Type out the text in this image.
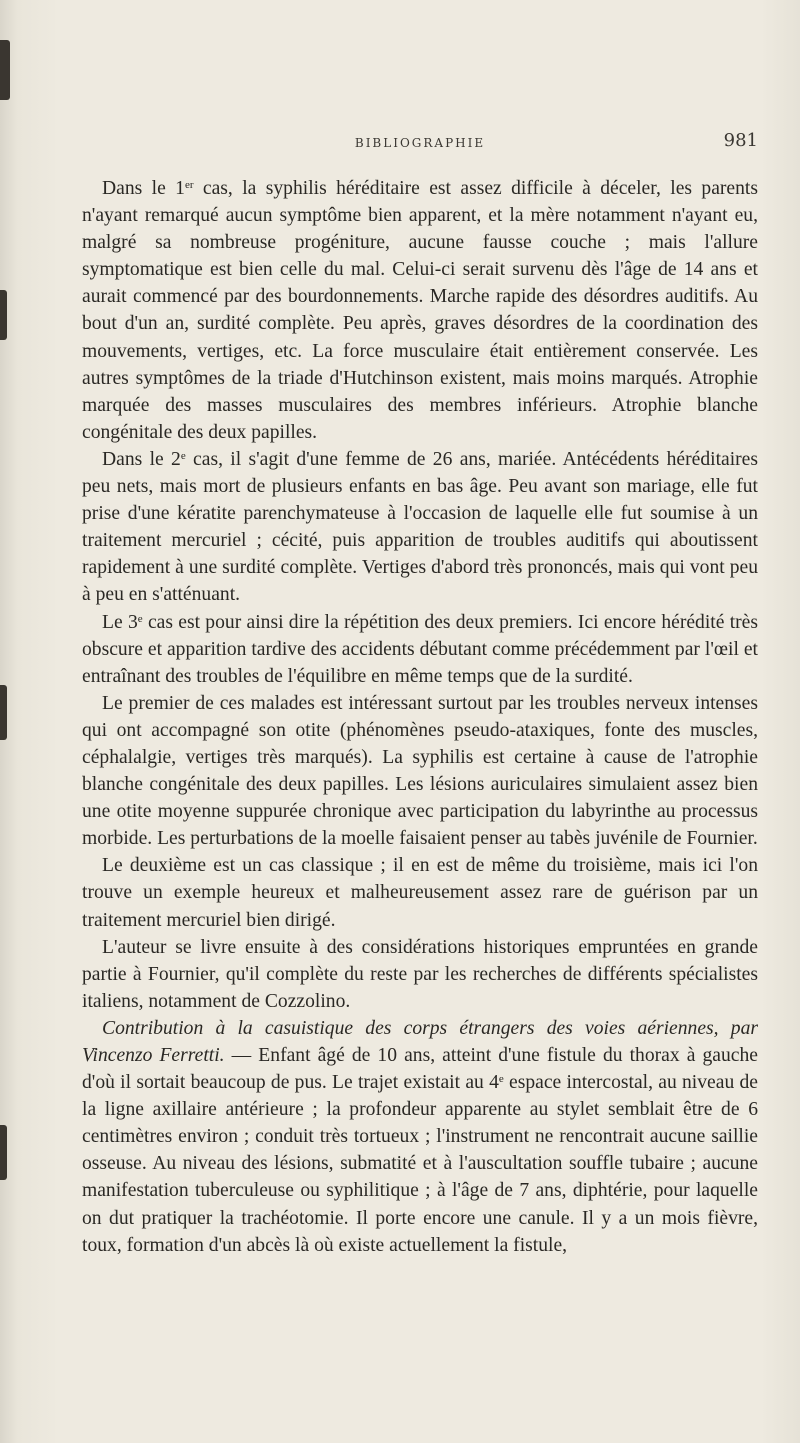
BIBLIOGRAPHIE	981

Dans le 1er cas, la syphilis héréditaire est assez difficile à déceler, les parents n'ayant remarqué aucun symptôme bien apparent, et la mère notamment n'ayant eu, malgré sa nombreuse progéniture, aucune fausse couche ; mais l'allure symptomatique est bien celle du mal. Celui-ci serait survenu dès l'âge de 14 ans et aurait commencé par des bourdonnements. Marche rapide des désordres auditifs. Au bout d'un an, surdité complète. Peu après, graves désordres de la coordination des mouvements, vertiges, etc. La force musculaire était entièrement conservée. Les autres symptômes de la triade d'Hutchinson existent, mais moins marqués. Atrophie marquée des masses musculaires des membres inférieurs. Atrophie blanche congénitale des deux papilles.

Dans le 2e cas, il s'agit d'une femme de 26 ans, mariée. Antécédents héréditaires peu nets, mais mort de plusieurs enfants en bas âge. Peu avant son mariage, elle fut prise d'une kératite parenchymateuse à l'occasion de laquelle elle fut soumise à un traitement mercuriel ; cécité, puis apparition de troubles auditifs qui aboutissent rapidement à une surdité complète. Vertiges d'abord très prononcés, mais qui vont peu à peu en s'atténuant.

Le 3e cas est pour ainsi dire la répétition des deux premiers. Ici encore hérédité très obscure et apparition tardive des accidents débutant comme précédemment par l'œil et entraînant des troubles de l'équilibre en même temps que de la surdité.

Le premier de ces malades est intéressant surtout par les troubles nerveux intenses qui ont accompagné son otite (phénomènes pseudo-ataxiques, fonte des muscles, céphalalgie, vertiges très marqués). La syphilis est certaine à cause de l'atrophie blanche congénitale des deux papilles. Les lésions auriculaires simulaient assez bien une otite moyenne suppurée chronique avec participation du labyrinthe au processus morbide. Les perturbations de la moelle faisaient penser au tabès juvénile de Fournier.

Le deuxième est un cas classique ; il en est de même du troisième, mais ici l'on trouve un exemple heureux et malheureusement assez rare de guérison par un traitement mercuriel bien dirigé.

L'auteur se livre ensuite à des considérations historiques empruntées en grande partie à Fournier, qu'il complète du reste par les recherches de différents spécialistes italiens, notamment de Cozzolino.

Contribution à la casuistique des corps étrangers des voies aériennes, par Vincenzo Ferretti. — Enfant âgé de 10 ans, atteint d'une fistule du thorax à gauche d'où il sortait beaucoup de pus. Le trajet existait au 4e espace intercostal, au niveau de la ligne axillaire antérieure ; la profondeur apparente au stylet semblait être de 6 centimètres environ ; conduit très tortueux ; l'instrument ne rencontrait aucune saillie osseuse. Au niveau des lésions, submatité et à l'auscultation souffle tubaire ; aucune manifestation tuberculeuse ou syphilitique ; à l'âge de 7 ans, diphtérie, pour laquelle on dut pratiquer la trachéotomie. Il porte encore une canule. Il y a un mois fièvre, toux, formation d'un abcès là où existe actuellement la fistule,
